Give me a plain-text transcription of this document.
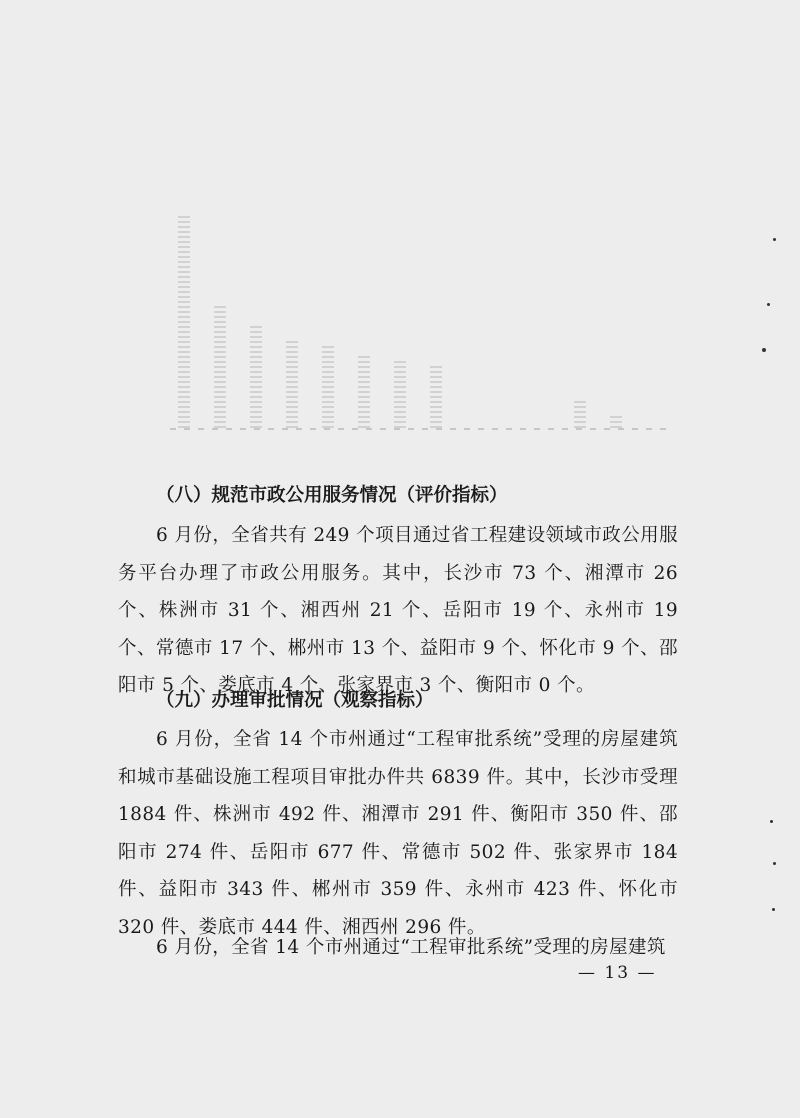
（八）规范市政公用服务情况（评价指标）
6 月份，全省共有 249 个项目通过省工程建设领域市政公用服务平台办理了市政公用服务。其中，长沙市 73 个、湘潭市 26 个、株洲市 31 个、湘西州 21 个、岳阳市 19 个、永州市 19 个、常德市 17 个、郴州市 13 个、益阳市 9 个、怀化市 9 个、邵阳市 5 个、娄底市 4 个、张家界市 3 个、衡阳市 0 个。
（九）办理审批情况（观察指标）
6 月份，全省 14 个市州通过“工程审批系统”受理的房屋建筑和城市基础设施工程项目审批办件共 6839 件。其中，长沙市受理 1884 件、株洲市 492 件、湘潭市 291 件、衡阳市 350 件、邵阳市 274 件、岳阳市 677 件、常德市 502 件、张家界市 184 件、益阳市 343 件、郴州市 359 件、永州市 423 件、怀化市 320 件、娄底市 444 件、湘西州 296 件。
6 月份，全省 14 个市州通过“工程审批系统”受理的房屋建筑
— 13 —
